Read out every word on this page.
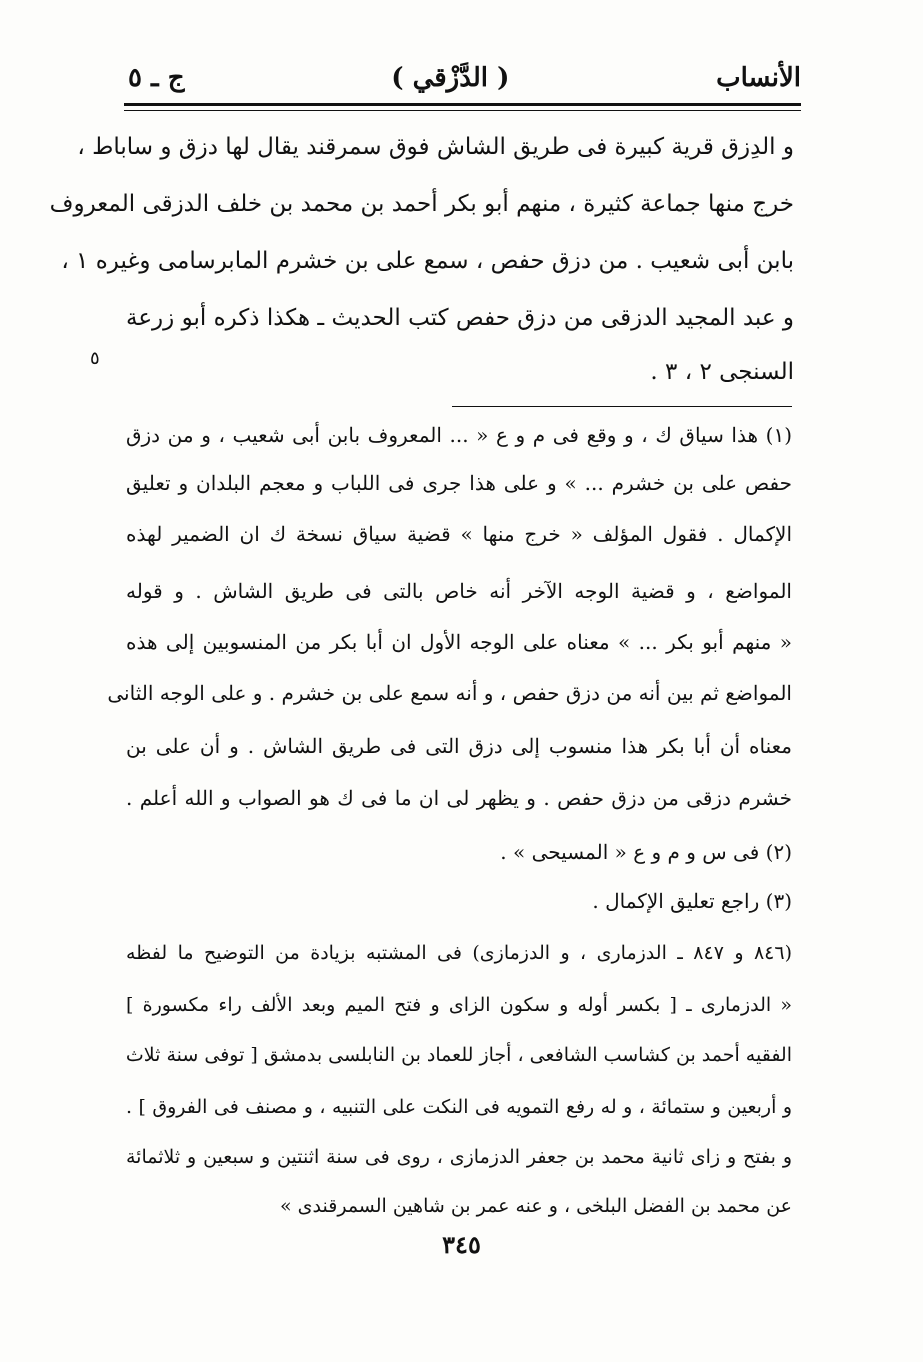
الأنساب
( الدَّزْقي )
ج ـ ٥
و الدِزق قرية كبيرة فى طريق الشاش فوق سمرقند يقال لها دزق و ساباط ،
خرج منها جماعة كثيرة ، منهم أبو بكر أحمد بن محمد بن خلف الدزقى المعروف
بابن أبى شعيب . من دزق حفص ، سمع على بن خشرم المابرسامى وغيره ١ ،
و عبد المجيد الدزقى من دزق حفص كتب الحديث ـ هكذا ذكره أبو زرعة
السنجى ٢ ، ٣ .
٥
(١) هذا سياق ك ، و وقع فى م و ع « ... المعروف بابن أبى شعيب ، و من دزق
حفص على بن خشرم ... » و على هذا جرى فى اللباب و معجم البلدان و تعليق
الإكمال . فقول المؤلف « خرج منها » قضية سياق نسخة ك ان الضمير لهذه
المواضع ، و قضية الوجه الآخر أنه خاص بالتى فى طريق الشاش . و قوله
« منهم أبو بكر ... » معناه على الوجه الأول ان أبا بكر من المنسوبين إلى هذه
المواضع ثم بين أنه من دزق حفص ، و أنه سمع على بن خشرم . و على الوجه الثانى
معناه أن أبا بكر هذا منسوب إلى دزق التى فى طريق الشاش . و أن على بن
خشرم دزقى من دزق حفص . و يظهر لى ان ما فى ك هو الصواب و الله أعلم .
(٢) فى س و م و ع « المسيحى » .
(٣) راجع تعليق الإكمال .
(٨٤٦ و ٨٤٧ ـ الدزمارى ، و الدزمازى) فى المشتبه بزيادة من التوضيح ما لفظه
« الدزمارى ـ [ بكسر أوله و سكون الزاى و فتح الميم وبعد الألف راء مكسورة ]
الفقيه أحمد بن كشاسب الشافعى ، أجاز للعماد بن النابلسى بدمشق [ توفى سنة ثلاث
و أربعين و ستمائة ، و له رفع التمويه فى النكت على التنبيه ، و مصنف فى الفروق ] .
و بفتح و زاى ثانية محمد بن جعفر الدزمازى ، روى فى سنة اثنتين و سبعين و ثلاثمائة
عن محمد بن الفضل البلخى ، و عنه عمر بن شاهين السمرقندى »
٣٤٥
